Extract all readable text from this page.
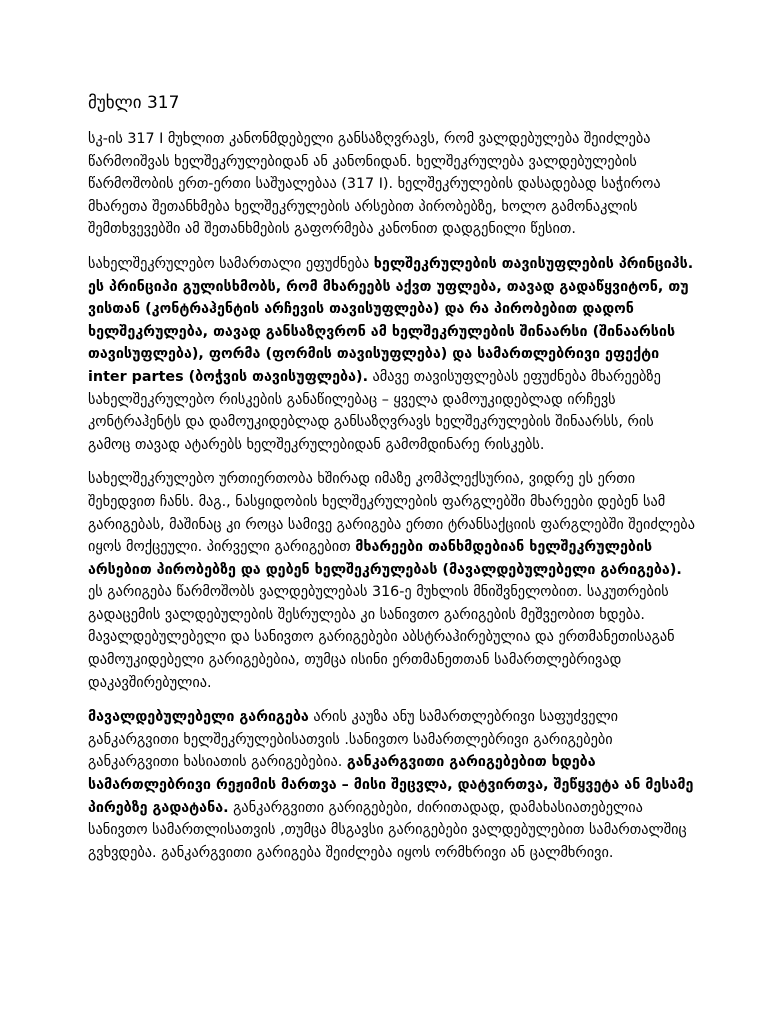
მუხლი 317

სკ-ის 317 I მუხლით კანონმდებელი განსაზღვრავს, რომ ვალდებულება შეიძლება წარმოიშვას ხელშეკრულებიდან ან კანონიდან. ხელშეკრულება ვალდებულების წარმოშობის ერთ-ერთი საშუალებაა (317 I). ხელშეკრულების დასადებად საჭიროა მხარეთა შეთანხმება ხელშეკრულების არსებით პირობებზე, ხოლო გამონაკლის შემთხვევებში ამ შეთანხმების გაფორმება კანონით დადგენილი წესით.

სახელშეკრულებო სამართალი ეფუძნება ხელშეკრულების თავისუფლების პრინციპს. ეს პრინციპი გულისხმობს, რომ მხარეებს აქვთ უფლება, თავად გადაწყვიტონ, თუ ვისთან (კონტრაჰენტის არჩევის თავისუფლება) და რა პირობებით დადონ ხელშეკრულება, თავად განსაზღვრონ ამ ხელშეკრულების შინაარსი (შინაარსის თავისუფლება), ფორმა (ფორმის თავისუფლება) და სამართლებრივი ეფექტი inter partes (ბოჭვის თავისუფლება). ამავე თავისუფლებას ეფუძნება მხარეებზე სახელშეკრულებო რისკების განაწილებაც – ყველა დამოუკიდებლად ირჩევს კონტრაჰენტს და დამოუკიდებლად განსაზღვრავს ხელშეკრულების შინაარსს, რის გამოც თავად ატარებს ხელშეკრულებიდან გამომდინარე რისკებს.

სახელშეკრულებო ურთიერთობა ხშირად იმაზე კომპლექსურია, ვიდრე ეს ერთი შეხედვით ჩანს. მაგ., ნასყიდობის ხელშეკრულების ფარგლებში მხარეები დებენ სამ გარიგებას, მაშინაც კი როცა სამივე გარიგება ერთი ტრანსაქციის ფარგლებში შეიძლება იყოს მოქცეული. პირველი გარიგებით მხარეები თანხმდებიან ხელშეკრულების არსებით პირობებზე და დებენ ხელშეკრულებას (მავალდებულებელი გარიგება). ეს გარიგება წარმოშობს ვალდებულებას 316-ე მუხლის მნიშვნელობით. საკუთრების გადაცემის ვალდებულების შესრულება კი სანივთო გარიგების მეშვეობით ხდება. მავალდებულებელი და სანივთო გარიგებები აბსტრაჰირებულია და ერთმანეთისაგან დამოუკიდებელი გარიგებებია, თუმცა ისინი ერთმანეთთან სამართლებრივად დაკავშირებულია.

მავალდებულებელი გარიგება არის კაუზა ანუ სამართლებრივი საფუძველი განკარგვითი ხელშეკრულებისათვის .სანივთო სამართლებრივი გარიგებები განკარგვითი ხასიათის გარიგებებია. განკარგვითი გარიგებებით ხდება სამართლებრივი რეჟიმის მართვა – მისი შეცვლა, დატვირთვა, შეწყვეტა ან მესამე პირებზე გადატანა. განკარგვითი გარიგებები, ძირითადად, დამახასიათებელია სანივთო სამართლისათვის ,თუმცა მსგავსი გარიგებები ვალდებულებით სამართალშიც გვხვდება. განკარგვითი გარიგება შეიძლება იყოს ორმხრივი ან ცალმხრივი.
